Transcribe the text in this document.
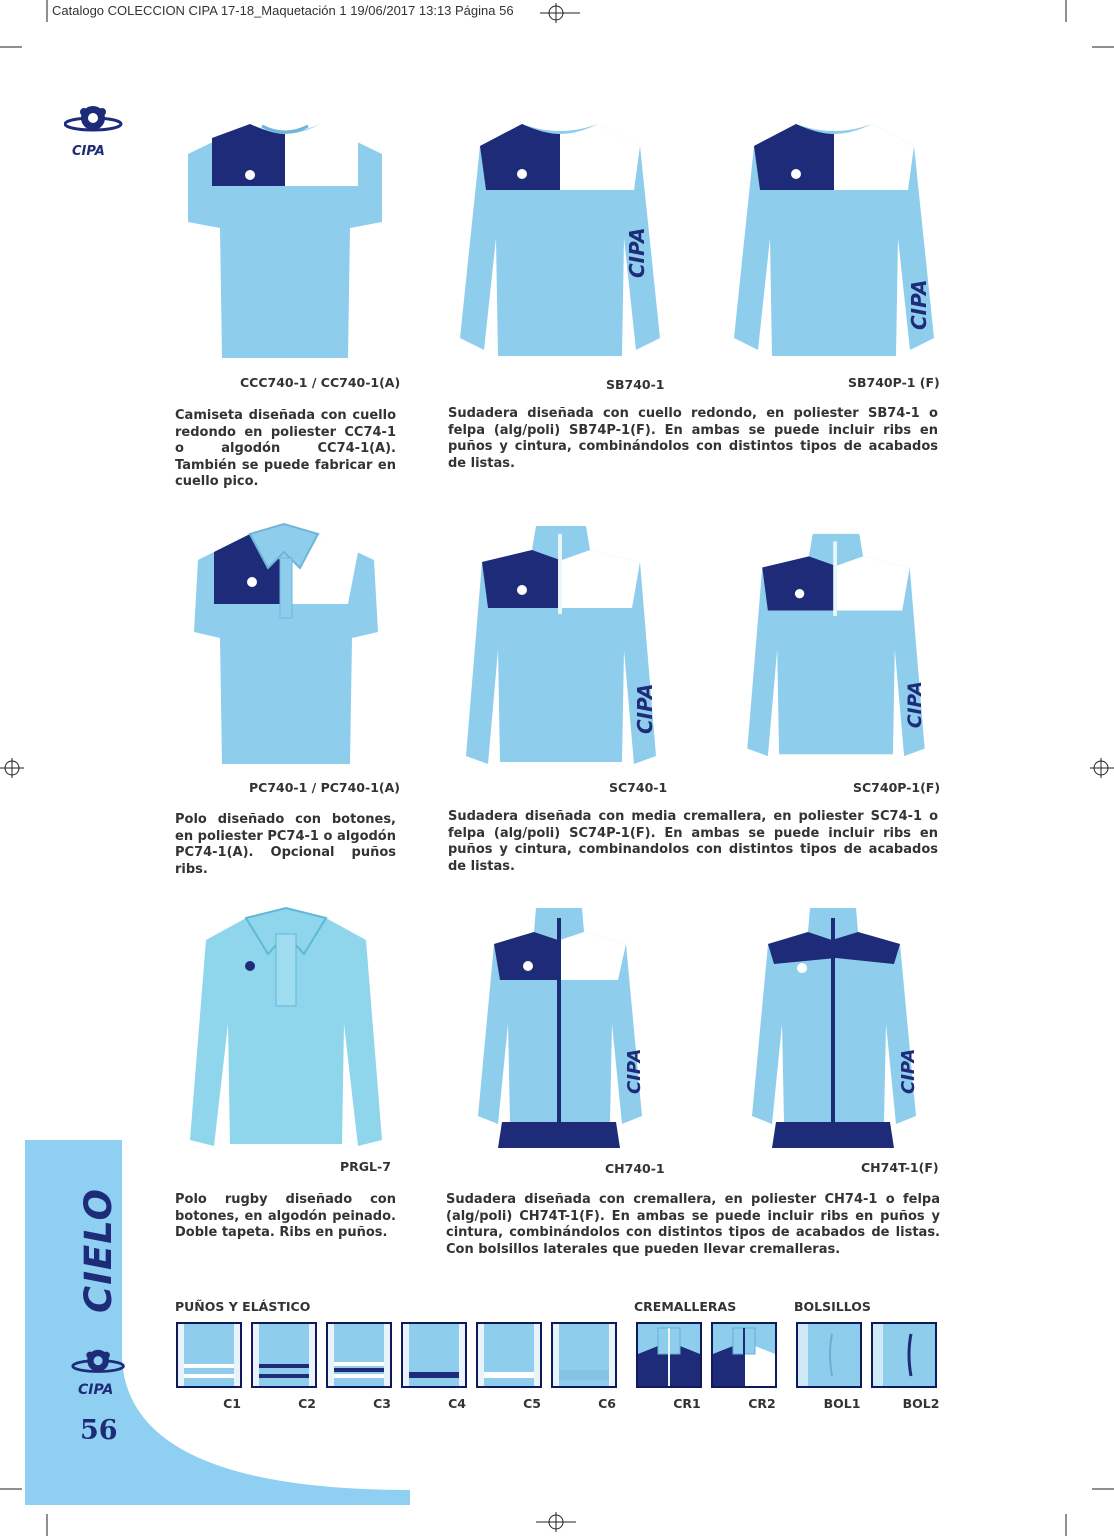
Catalogo COLECCION CIPA 17-18_Maquetación 1 19/06/2017 13:13 Página 56
CIPA
CIELO
CIPA
56
CIPA
CIPA
CIPA	CIPA
CIPA	CIPA
CCC740-1 / CC740-1(A)	SB740-1	SB740P-1 (F)
Camiseta diseñada con cuello redondo en poliester CC74-1 o algodón CC74-1(A). También se puede fabricar en cuello pico.
Sudadera diseñada con cuello redondo, en poliester SB74-1 o felpa (alg/poli) SB74P-1(F). En ambas se puede incluir ribs en puños y cintura, combinándolos con distintos tipos de acabados de listas.
PC740-1 / PC740-1(A)	SC740-1	SC740P-1(F)
Polo diseñado con botones, en poliester PC74-1 o algodón PC74-1(A). Opcional puños ribs.
Sudadera diseñada con media cremallera, en poliester SC74-1 o felpa (alg/poli) SC74P-1(F). En ambas se puede incluir ribs en puños y cintura, combinandolos con distintos tipos de acabados de listas.
PRGL-7	CH740-1	CH74T-1(F)
Polo rugby diseñado con botones, en algodón peinado. Doble tapeta. Ribs en puños.
Sudadera diseñada con cremallera, en poliester CH74-1 o felpa (alg/poli) CH74T-1(F). En ambas se puede incluir ribs en puños y cintura, combinándolos con distintos tipos de acabados de listas. Con bolsillos laterales que pueden llevar cremalleras.
PUÑOS Y ELÁSTICO	CREMALLERAS	BOLSILLOS
C1	C2	C3	C4	C5	C6	CR1	CR2	BOL1	BOL2
